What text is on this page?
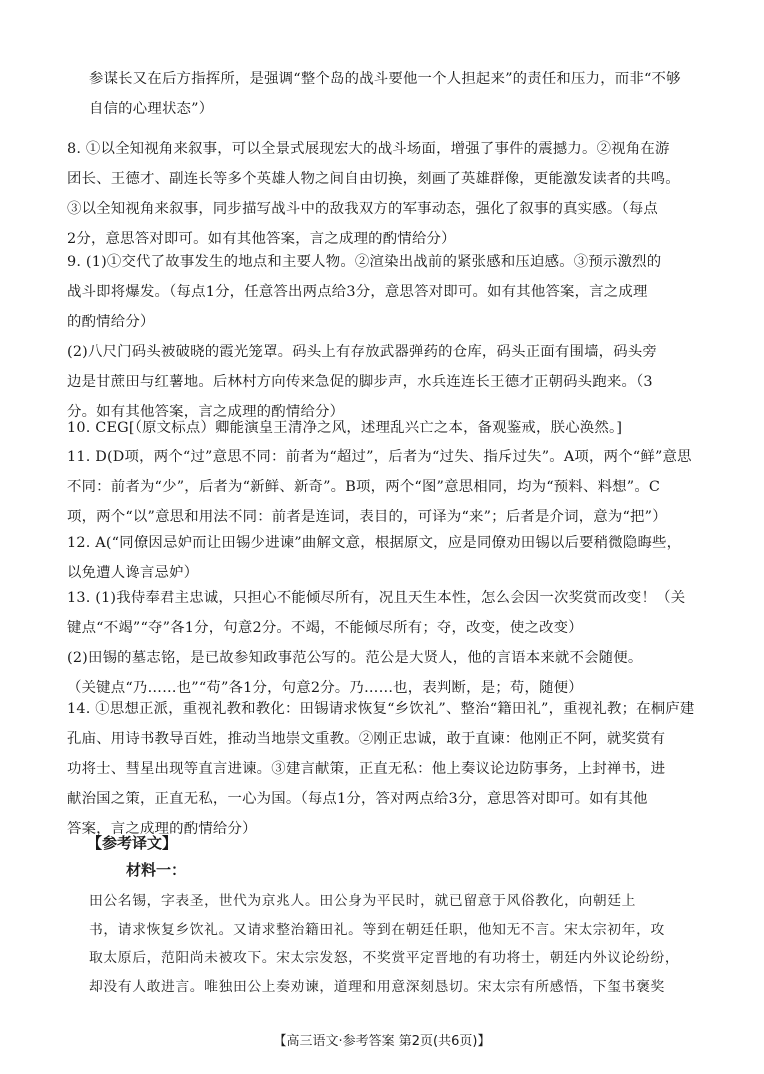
参谋长又在后方指挥所，是强调“整个岛的战斗要他一个人担起来”的责任和压力，而非“不够
自信的心理状态”）
8. ①以全知视角来叙事，可以全景式展现宏大的战斗场面，增强了事件的震撼力。②视角在游
团长、王德才、副连长等多个英雄人物之间自由切换，刻画了英雄群像，更能激发读者的共鸣。
③以全知视角来叙事，同步描写战斗中的敌我双方的军事动态，强化了叙事的真实感。（每点
2分，意思答对即可。如有其他答案，言之成理的酌情给分）
9. (1)①交代了故事发生的地点和主要人物。②渲染出战前的紧张感和压迫感。③预示激烈的
战斗即将爆发。（每点1分，任意答出两点给3分，意思答对即可。如有其他答案，言之成理
的酌情给分）
(2)八尺门码头被破晓的霞光笼罩。码头上有存放武器弹药的仓库，码头正面有围墙，码头旁
边是甘蔗田与红薯地。后林村方向传来急促的脚步声，水兵连连长王德才正朝码头跑来。（3
分。如有其他答案，言之成理的酌情给分）
10. CEG[（原文标点）卿能演皇王清净之风，述理乱兴亡之本，备观鉴戒，朕心涣然。]
11. D(D项，两个“过”意思不同：前者为“超过”，后者为“过失、指斥过失”。A项，两个“鲜”意思
不同：前者为“少”，后者为“新鲜、新奇”。B项，两个“图”意思相同，均为“预料、料想”。C
项，两个“以”意思和用法不同：前者是连词，表目的，可译为“来”；后者是介词，意为“把”）
12. A(“同僚因忌妒而让田锡少进谏”曲解文意，根据原文，应是同僚劝田锡以后要稍微隐晦些，
以免遭人谗言忌妒）
13. (1)我侍奉君主忠诚，只担心不能倾尽所有，况且天生本性，怎么会因一次奖赏而改变！（关
键点“不竭”“夺”各1分，句意2分。不竭，不能倾尽所有；夺，改变，使之改变）
(2)田锡的墓志铭，是已故参知政事范公写的。范公是大贤人，他的言语本来就不会随便。
（关键点“乃……也”“苟”各1分，句意2分。乃……也，表判断，是；苟，随便）
14. ①思想正派，重视礼教和教化：田锡请求恢复“乡饮礼”、整治“籍田礼”，重视礼教；在桐庐建
孔庙、用诗书教导百姓，推动当地崇文重教。②刚正忠诚，敢于直谏：他刚正不阿，就奖赏有
功将士、彗星出现等直言进谏。③建言献策，正直无私：他上奏议论边防事务，上封禅书，进
献治国之策，正直无私，一心为国。（每点1分，答对两点给3分，意思答对即可。如有其他
答案，言之成理的酌情给分）
【参考译文】
材料一：
田公名锡，字表圣，世代为京兆人。田公身为平民时，就已留意于风俗教化，向朝廷上
书，请求恢复乡饮礼。又请求整治籍田礼。等到在朝廷任职，他知无不言。宋太宗初年，攻
取太原后，范阳尚未被攻下。宋太宗发怒，不奖赏平定晋地的有功将士，朝廷内外议论纷纷，
却没有人敢进言。唯独田公上奏劝谏，道理和用意深刻恳切。宋太宗有所感悟，下玺书褒奖
【高三语文·参考答案 第2页(共6页)】
